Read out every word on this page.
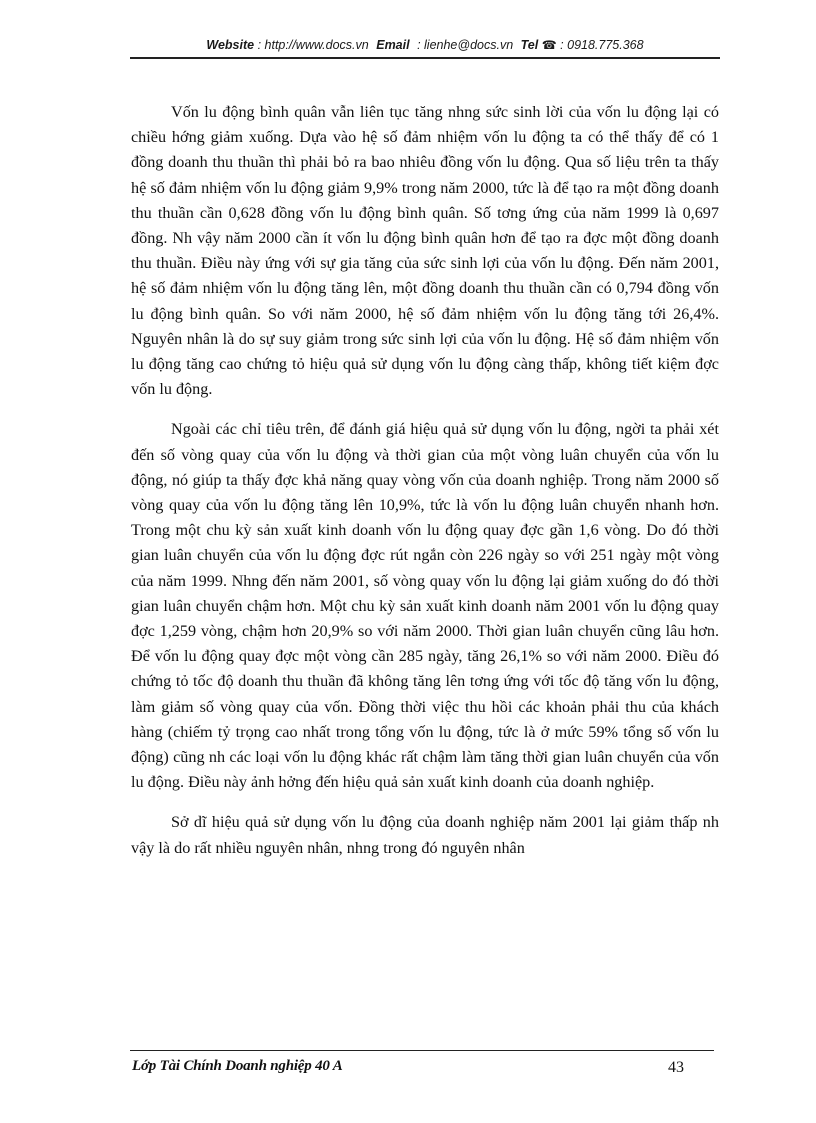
Website : http://www.docs.vn Email : lienhe@docs.vn Tel ☎ : 0918.775.368

Vốn lu động bình quân vẫn liên tục tăng nhng sức sinh lời của vốn lu động lại có chiều hớng giảm xuống. Dựa vào hệ số đảm nhiệm vốn lu động ta có thể thấy để có 1 đồng doanh thu thuần thì phải bỏ ra bao nhiêu đồng vốn lu động. Qua số liệu trên ta thấy hệ số đảm nhiệm vốn lu động giảm 9,9% trong năm 2000, tức là để tạo ra một đồng doanh thu thuần cần 0,628 đồng vốn lu động bình quân. Số tơng ứng của năm 1999 là 0,697 đồng. Nh vậy năm 2000 cần ít vốn lu động bình quân hơn để tạo ra đợc một đồng doanh thu thuần. Điều này ứng với sự gia tăng của sức sinh lợi của vốn lu động. Đến năm 2001, hệ số đảm nhiệm vốn lu động tăng lên, một đồng doanh thu thuần cần có 0,794 đồng vốn lu động bình quân. So với năm 2000, hệ số đảm nhiệm vốn lu động tăng tới 26,4%. Nguyên nhân là do sự suy giảm trong sức sinh lợi của vốn lu động. Hệ số đảm nhiệm vốn lu động tăng cao chứng tỏ hiệu quả sử dụng vốn lu động càng thấp, không tiết kiệm đợc vốn lu động.

Ngoài các chỉ tiêu trên, để đánh giá hiệu quả sử dụng vốn lu động, ngời ta phải xét đến số vòng quay của vốn lu động và thời gian của một vòng luân chuyển của vốn lu động, nó giúp ta thấy đợc khả năng quay vòng vốn của doanh nghiệp. Trong năm 2000 số vòng quay của vốn lu động tăng lên 10,9%, tức là vốn lu động luân chuyển nhanh hơn. Trong một chu kỳ sản xuất kinh doanh vốn lu động quay đợc gần 1,6 vòng. Do đó thời gian luân chuyển của vốn lu động đợc rút ngắn còn 226 ngày so với 251 ngày một vòng của năm 1999. Nhng đến năm 2001, số vòng quay vốn lu động lại giảm xuống do đó thời gian luân chuyển chậm hơn. Một chu kỳ sản xuất kinh doanh năm 2001 vốn lu động quay đợc 1,259 vòng, chậm hơn 20,9% so với năm 2000. Thời gian luân chuyển cũng lâu hơn. Để vốn lu động quay đợc một vòng cần 285 ngày, tăng 26,1% so với năm 2000. Điều đó chứng tỏ tốc độ doanh thu thuần đã không tăng lên tơng ứng với tốc độ tăng vốn lu động, làm giảm số vòng quay của vốn. Đồng thời việc thu hồi các khoản phải thu của khách hàng (chiếm tỷ trọng cao nhất trong tổng vốn lu động, tức là ở mức 59% tổng số vốn lu động) cũng nh các loại vốn lu động khác rất chậm làm tăng thời gian luân chuyển của vốn lu động. Điều này ảnh hởng đến hiệu quả sản xuất kinh doanh của doanh nghiệp.

Sở dĩ hiệu quả sử dụng vốn lu động của doanh nghiệp năm 2001 lại giảm thấp nh vậy là do rất nhiều nguyên nhân, nhng trong đó nguyên nhân

Lớp Tài Chính Doanh nghiệp 40 A	43
